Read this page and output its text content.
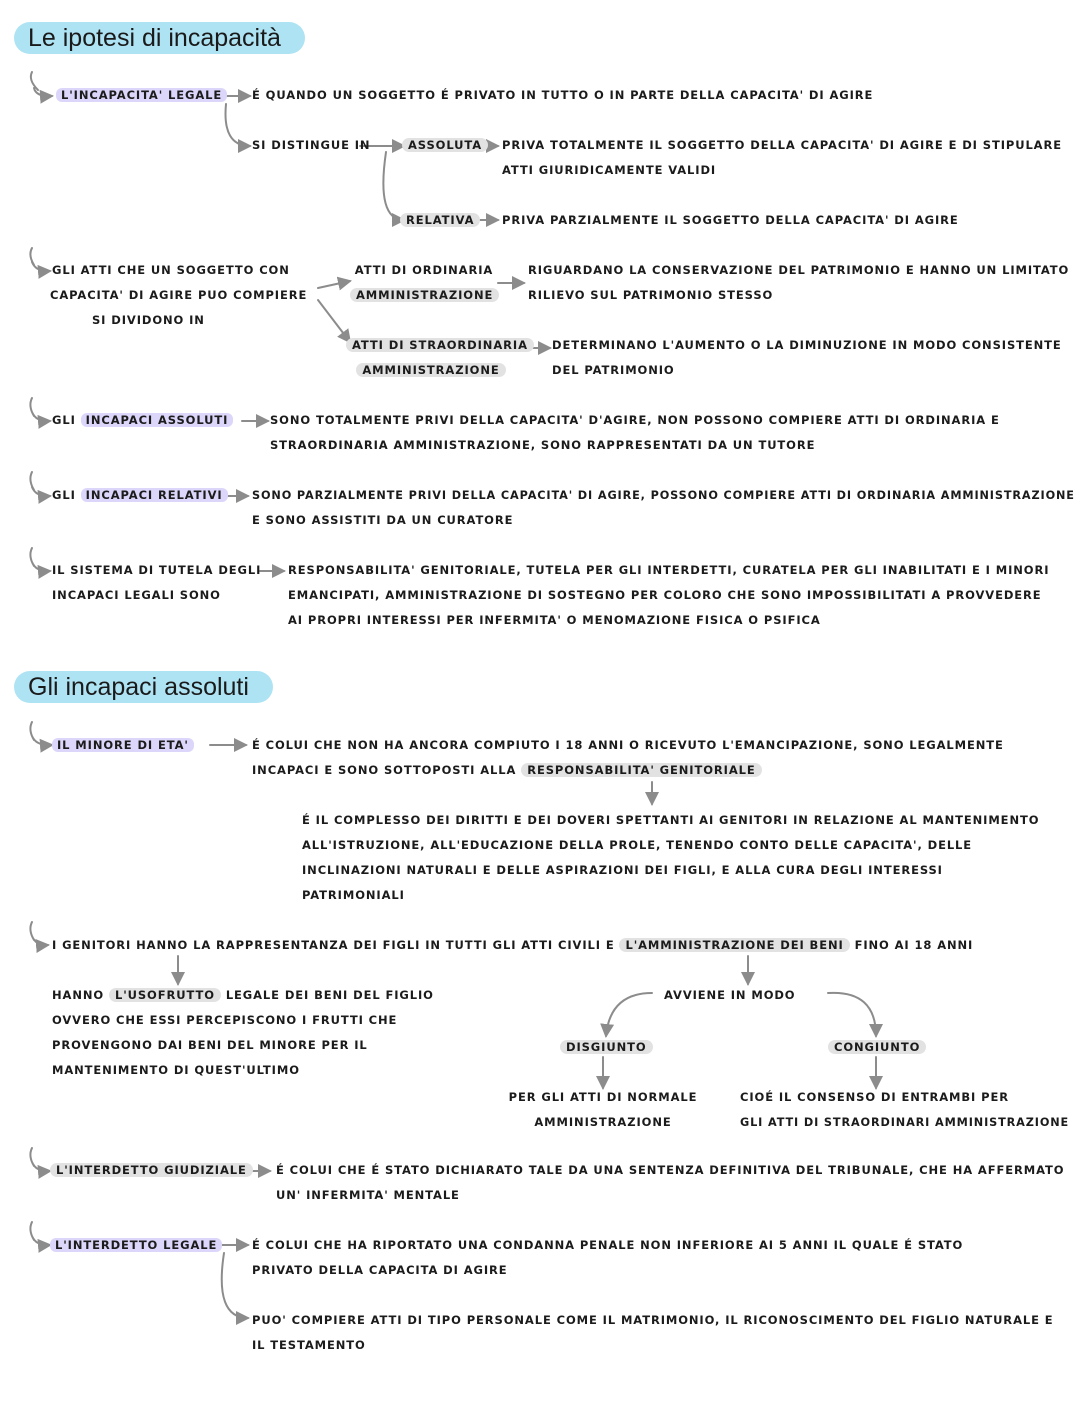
Le ipotesi di incapacità
L'INCAPACITA' LEGALE	É QUANDO UN SOGGETTO É PRIVATO IN TUTTO O IN PARTE DELLA CAPACITA' DI AGIRE
SI DISTINGUE IN	ASSOLUTA	PRIVA TOTALMENTE IL SOGGETTO DELLA CAPACITA' DI AGIRE E DI STIPULARE
ATTI GIURIDICAMENTE VALIDI
RELATIVA	PRIVA PARZIALMENTE IL SOGGETTO DELLA CAPACITA' DI AGIRE
GLI ATTI CHE UN SOGGETTO CON
CAPACITA' DI AGIRE PUO COMPIERE
SI DIVIDONO IN
ATTI DI ORDINARIA
AMMINISTRAZIONE
RIGUARDANO LA CONSERVAZIONE DEL PATRIMONIO E HANNO UN LIMITATO
RILIEVO SUL PATRIMONIO STESSO
ATTI DI STRAORDINARIA
AMMINISTRAZIONE
DETERMINANO L'AUMENTO O LA DIMINUZIONE IN MODO CONSISTENTE
DEL PATRIMONIO
GLI INCAPACI ASSOLUTI	SONO TOTALMENTE PRIVI DELLA CAPACITA' D'AGIRE, NON POSSONO COMPIERE ATTI DI ORDINARIA E
STRAORDINARIA AMMINISTRAZIONE, SONO RAPPRESENTATI DA UN TUTORE
GLI INCAPACI RELATIVI	SONO PARZIALMENTE PRIVI DELLA CAPACITA' DI AGIRE, POSSONO COMPIERE ATTI DI ORDINARIA AMMINISTRAZIONE
E SONO ASSISTITI DA UN CURATORE
IL SISTEMA DI TUTELA DEGLI
INCAPACI LEGALI SONO
RESPONSABILITA' GENITORIALE, TUTELA PER GLI INTERDETTI, CURATELA PER GLI INABILITATI E I MINORI
EMANCIPATI, AMMINISTRAZIONE DI SOSTEGNO PER COLORO CHE SONO IMPOSSIBILITATI A PROVVEDERE
AI PROPRI INTERESSI PER INFERMITA' O MENOMAZIONE FISICA O PSIFICA
Gli incapaci assoluti
IL MINORE DI ETA'	É COLUI CHE NON HA ANCORA COMPIUTO I 18 ANNI O RICEVUTO L'EMANCIPAZIONE, SONO LEGALMENTE
INCAPACI E SONO SOTTOPOSTI ALLA RESPONSABILITA' GENITORIALE
É IL COMPLESSO DEI DIRITTI E DEI DOVERI SPETTANTI AI GENITORI IN RELAZIONE AL MANTENIMENTO
ALL'ISTRUZIONE, ALL'EDUCAZIONE DELLA PROLE, TENENDO CONTO DELLE CAPACITA', DELLE
INCLINAZIONI NATURALI E DELLE ASPIRAZIONI DEI FIGLI, E ALLA CURA DEGLI INTERESSI
PATRIMONIALI
I GENITORI HANNO LA RAPPRESENTANZA DEI FIGLI IN TUTTI GLI ATTI CIVILI E L'AMMINISTRAZIONE DEI BENI FINO AI 18 ANNI
HANNO L'USOFRUTTO LEGALE DEI BENI DEL FIGLIO
OVVERO CHE ESSI PERCEPISCONO I FRUTTI CHE
PROVENGONO DAI BENI DEL MINORE PER IL
MANTENIMENTO DI QUEST'ULTIMO
AVVIENE IN MODO
DISGIUNTO	CONGIUNTO
PER GLI ATTI DI NORMALE
AMMINISTRAZIONE
CIOÉ IL CONSENSO DI ENTRAMBI PER
GLI ATTI DI STRAORDINARI AMMINISTRAZIONE
L'INTERDETTO GIUDIZIALE	É COLUI CHE É STATO DICHIARATO TALE DA UNA SENTENZA DEFINITIVA DEL TRIBUNALE, CHE HA AFFERMATO
UN' INFERMITA' MENTALE
L'INTERDETTO LEGALE	É COLUI CHE HA RIPORTATO UNA CONDANNA PENALE NON INFERIORE AI 5 ANNI IL QUALE É STATO
PRIVATO DELLA CAPACITA DI AGIRE
PUO' COMPIERE ATTI DI TIPO PERSONALE COME IL MATRIMONIO, IL RICONOSCIMENTO DEL FIGLIO NATURALE E
IL TESTAMENTO
